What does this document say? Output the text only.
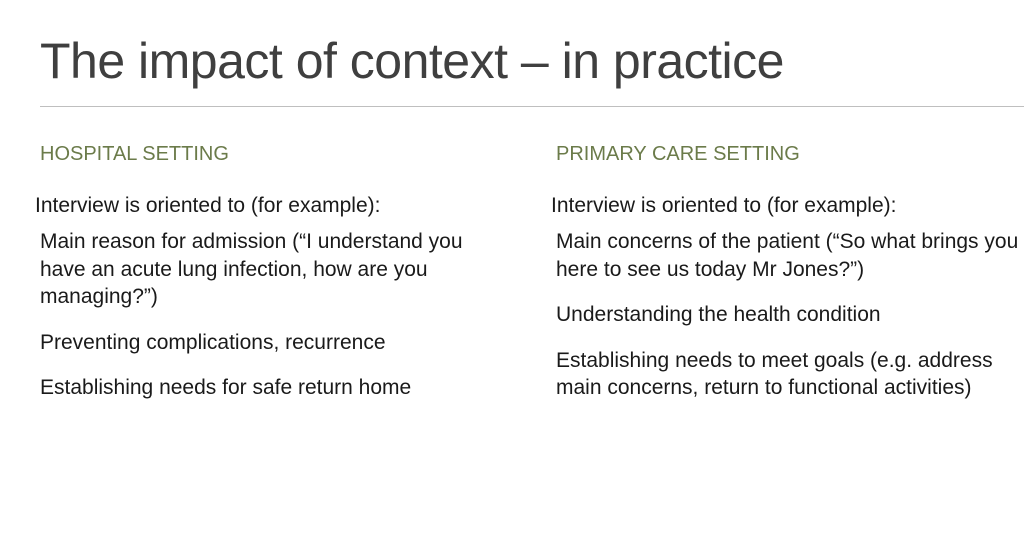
The impact of context – in practice
HOSPITAL SETTING
Interview is oriented to (for example):
Main reason for admission (“I understand you have an acute lung infection, how are you managing?”)
Preventing complications, recurrence
Establishing needs for safe return home
PRIMARY CARE SETTING
Interview is oriented to (for example):
Main concerns of the patient (“So what brings you here to see us today Mr Jones?”)
Understanding the health condition
Establishing needs to meet goals (e.g. address main concerns, return to functional activities)
